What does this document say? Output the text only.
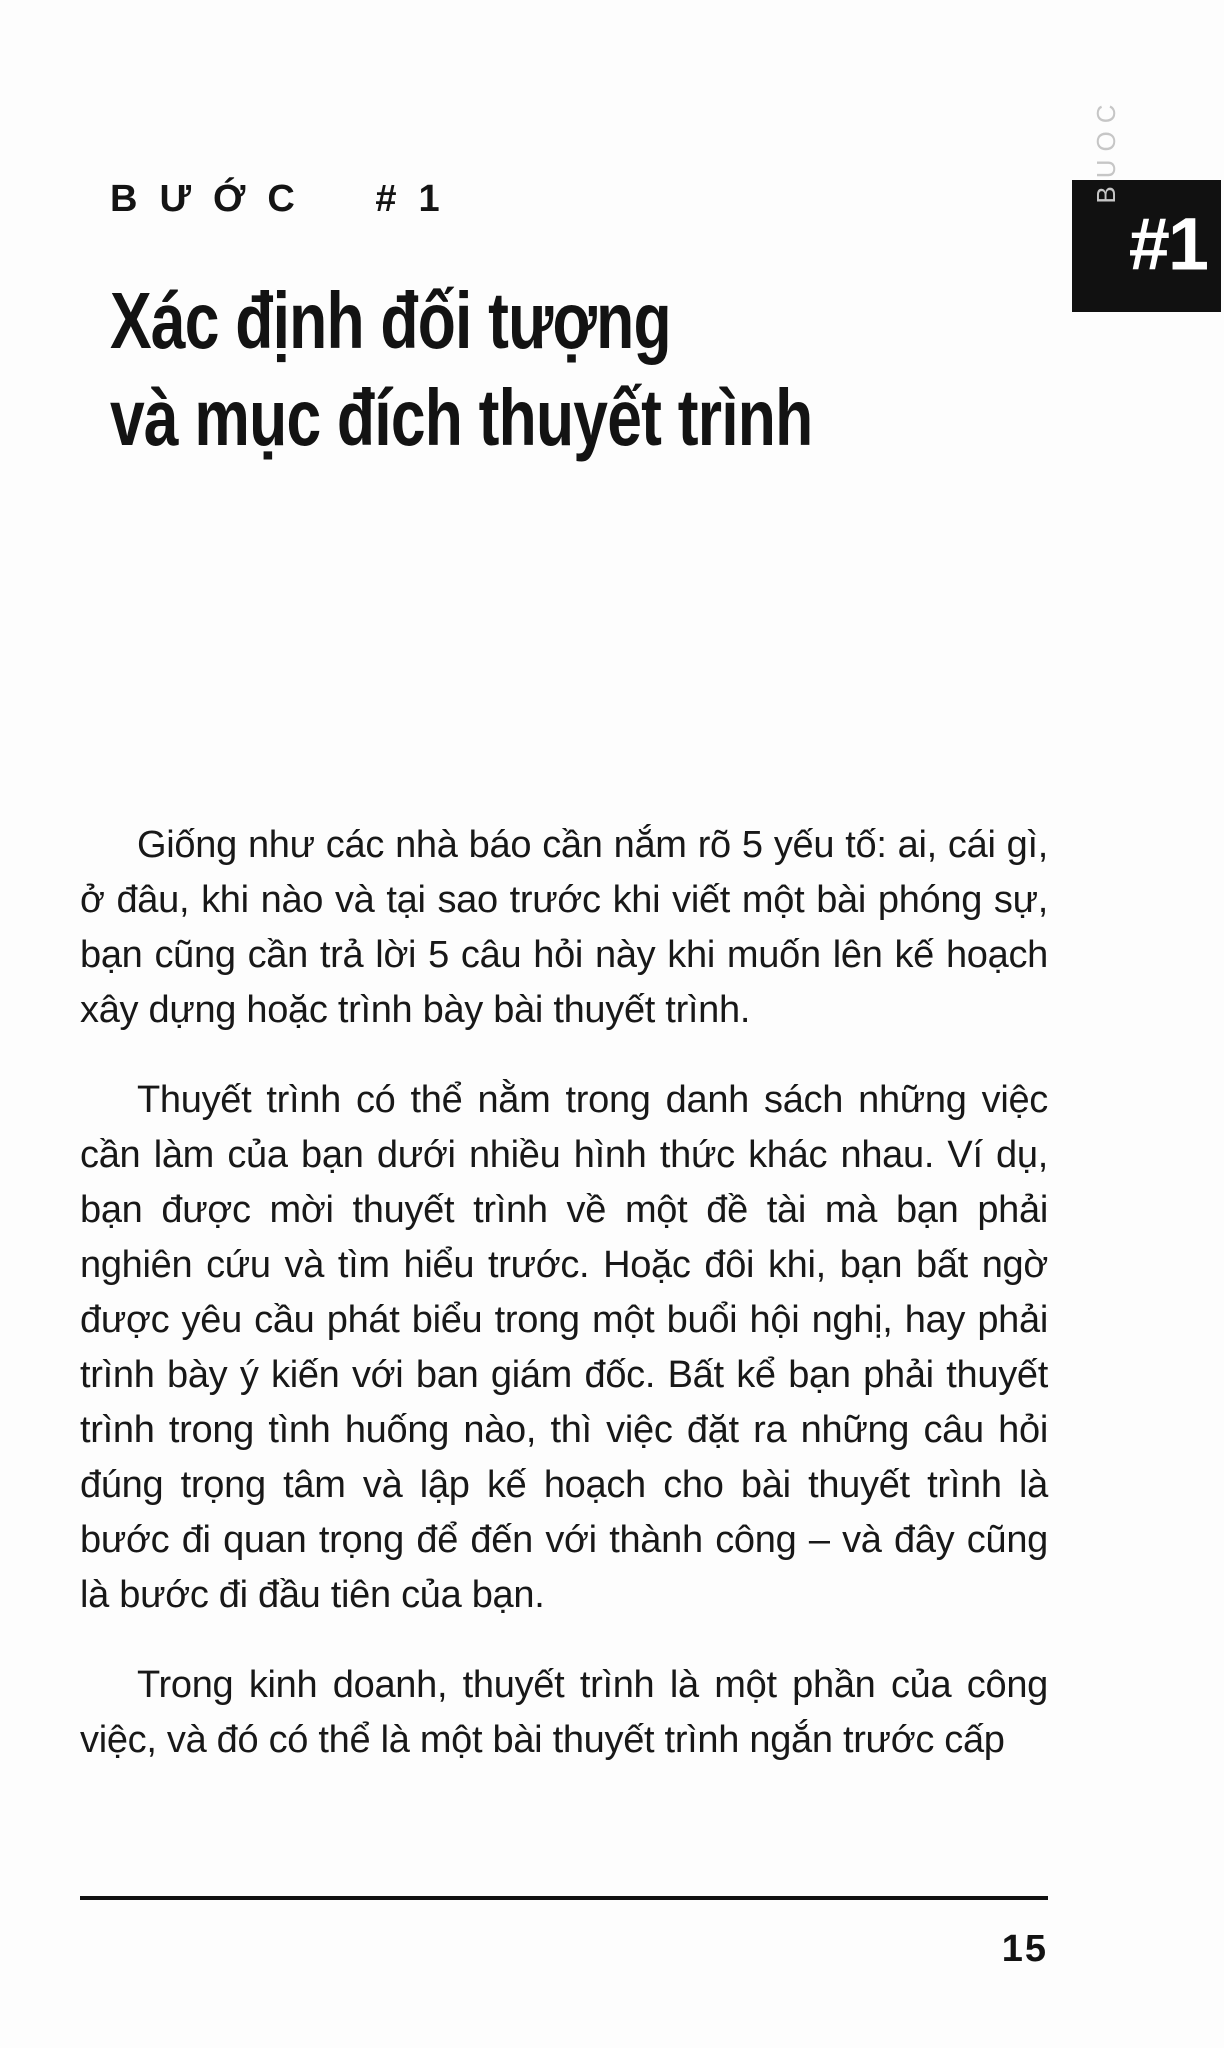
BƯỚC #1	BUOC
#1
Xác định đối tượng
và mục đích thuyết trình

Giống như các nhà báo cần nắm rõ 5 yếu tố: ai, cái gì, ở đâu, khi nào và tại sao trước khi viết một bài phóng sự, bạn cũng cần trả lời 5 câu hỏi này khi muốn lên kế hoạch xây dựng hoặc trình bày bài thuyết trình.

Thuyết trình có thể nằm trong danh sách những việc cần làm của bạn dưới nhiều hình thức khác nhau. Ví dụ, bạn được mời thuyết trình về một đề tài mà bạn phải nghiên cứu và tìm hiểu trước. Hoặc đôi khi, bạn bất ngờ được yêu cầu phát biểu trong một buổi hội nghị, hay phải trình bày ý kiến với ban giám đốc. Bất kể bạn phải thuyết trình trong tình huống nào, thì việc đặt ra những câu hỏi đúng trọng tâm và lập kế hoạch cho bài thuyết trình là bước đi quan trọng để đến với thành công – và đây cũng là bước đi đầu tiên của bạn.

Trong kinh doanh, thuyết trình là một phần của công việc, và đó có thể là một bài thuyết trình ngắn trước cấp

15
